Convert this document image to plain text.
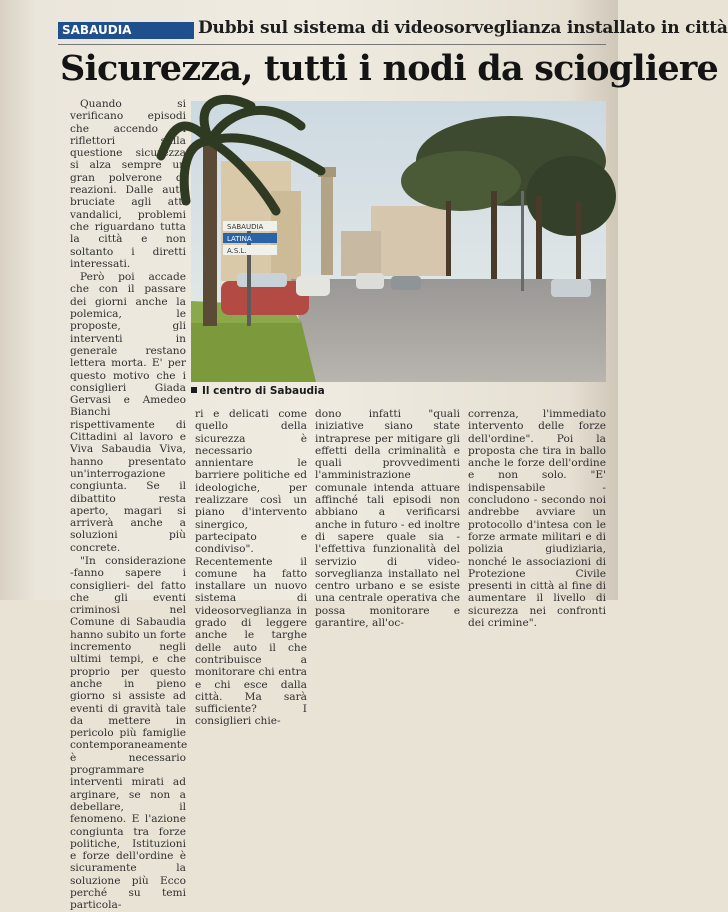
SABAUDIA	Dubbi sul sistema di videosorveglianza installato in città
Sicurezza, tutti i nodi da sciogliere

Quando si verificano episodi che accendo i riflettori sulla questione sicurezza si alza sempre un gran polverone di reazioni. Dalle auto bruciate agli atti vandalici, problemi che riguardano tutta la città e non soltanto i diretti interessati.

Però poi accade che con il passare dei giorni anche la polemica, le proposte, gli interventi in generale restano lettera morta. E' per questo motivo che i consiglieri Giada Gervasi e Amedeo Bianchi rispettivamente di Cittadini al lavoro e Viva Sabaudia Viva, hanno presentato un'interrogazione congiunta. Se il dibattito resta aperto, magari si arriverà anche a soluzioni più concrete.

"In considerazione -fanno sapere i consiglieri- del fatto che gli eventi criminosi nel Comune di Sabaudia hanno subito un forte incremento negli ultimi tempi, e che proprio per questo anche in pieno giorno si assiste ad eventi di gravità tale da mettere in pericolo più famiglie contemporaneamente è necessario programmare interventi mirati ad arginare, se non a debellare, il fenomeno. E l'azione congiunta tra forze politiche, Istituzioni e forze dell'ordine è sicuramente la soluzione più Ecco perché su temi particola-

SABAUDIA
LATINA
A.S.L.
Il centro di Sabaudia

ri e delicati come quello della sicurezza è necessario annientare le barriere politiche ed ideologiche, per realizzare così un piano d'intervento sinergico, partecipato e condiviso". Recentemente il comune ha fatto installare un nuovo sistema di videosorveglianza in grado di leggere anche le targhe delle auto il che contribuisce a monitorare chi entra e chi esce dalla città. Ma sarà sufficiente? I consiglieri chie-

dono infatti "quali iniziative siano state intraprese per mitigare gli effetti della criminalità e quali provvedimenti l'amministrazione comunale intenda attuare affinché tali episodi non abbiano a verificarsi anche in futuro - ed inoltre di sapere quale sia - l'effettiva funzionalità del servizio di video-sorveglianza installato nel centro urbano e se esiste una centrale operativa che possa monitorare e garantire, all'oc-

correnza, l'immediato intervento delle forze dell'ordine". Poi la proposta che tira in ballo anche le forze dell'ordine e non solo. "E' indispensabile - concludono - secondo noi andrebbe avviare un protocollo d'intesa con le forze armate militari e di polizia giudiziaria, nonché le associazioni di Protezione Civile presenti in città al fine di aumentare il livello di sicurezza nei confronti dei crimine".
